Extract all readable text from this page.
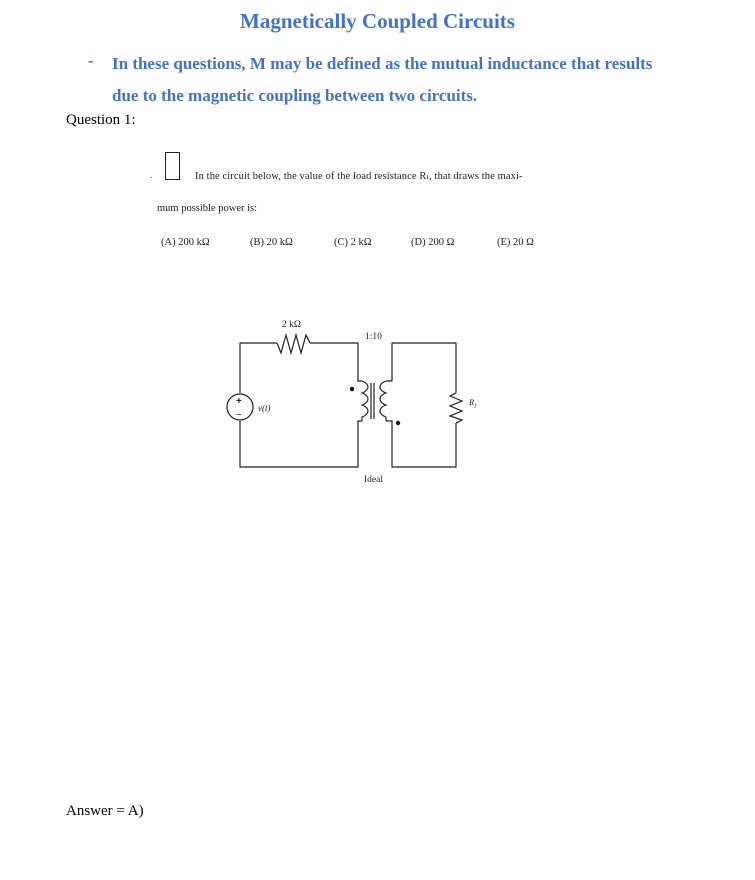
Magnetically Coupled Circuits
- In these questions, M may be defined as the mutual inductance that results due to the magnetic coupling between two circuits.
Question 1:
.	In the circuit below, the value of the load resistance Rₗ, that draws the maxi-
mum possible power is:
(A) 200 kΩ	(B) 20 kΩ	(C) 2 kΩ	(D) 200 Ω	(E) 20 Ω
2 kΩ
1:10
+
−
v(t)
$R_l$
Ideal
Answer = A)
